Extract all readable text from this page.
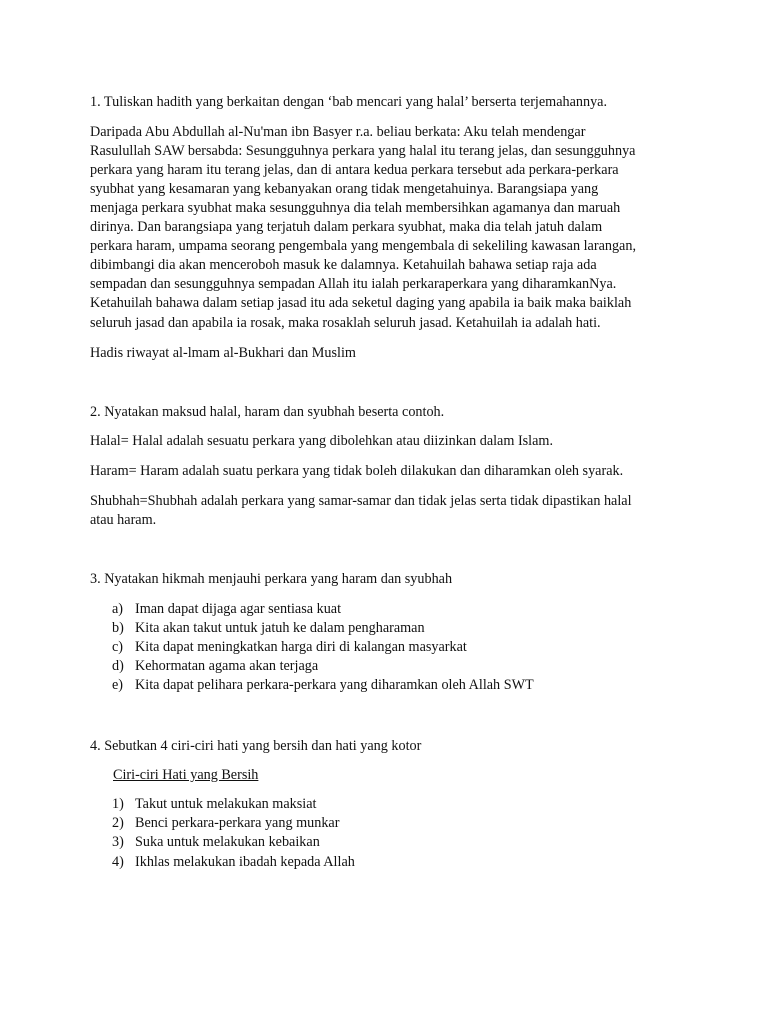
1. Tuliskan hadith yang berkaitan dengan ‘bab mencari yang halal’ berserta terjemahannya.
Daripada Abu Abdullah al-Nu'man ibn Basyer r.a. beliau berkata: Aku telah mendengar
Rasulullah SAW bersabda: Sesungguhnya perkara yang halal itu terang jelas, dan sesungguhnya
perkara yang haram itu terang jelas, dan di antara kedua perkara tersebut ada perkara-perkara
syubhat yang kesamaran yang kebanyakan orang tidak mengetahuinya. Barangsiapa yang
menjaga perkara syubhat maka sesungguhnya dia telah membersihkan agamanya dan maruah
dirinya. Dan barangsiapa yang terjatuh dalam perkara syubhat, maka dia telah jatuh dalam
perkara haram, umpama seorang pengembala yang mengembala di sekeliling kawasan larangan,
dibimbangi dia akan menceroboh masuk ke dalamnya. Ketahuilah bahawa setiap raja ada
sempadan dan sesungguhnya sempadan Allah itu ialah perkaraperkara yang diharamkanNya.
Ketahuilah bahawa dalam setiap jasad itu ada seketul daging yang apabila ia baik maka baiklah
seluruh jasad dan apabila ia rosak, maka rosaklah seluruh jasad. Ketahuilah ia adalah hati.
Hadis riwayat al-lmam al-Bukhari dan Muslim
2. Nyatakan maksud halal, haram dan syubhah beserta contoh.
Halal= Halal adalah sesuatu perkara yang dibolehkan atau diizinkan dalam Islam.
Haram= Haram adalah suatu perkara yang tidak boleh dilakukan dan diharamkan oleh syarak.
Shubhah=Shubhah adalah perkara yang samar-samar dan tidak jelas serta tidak dipastikan halal
atau haram.
3. Nyatakan hikmah menjauhi perkara yang haram dan syubhah
a) Iman dapat dijaga agar sentiasa kuat
b) Kita akan takut untuk jatuh ke dalam pengharaman
c) Kita dapat meningkatkan harga diri di kalangan masyarkat
d) Kehormatan agama akan terjaga
e) Kita dapat pelihara perkara-perkara yang diharamkan oleh Allah SWT
4. Sebutkan 4 ciri-ciri hati yang bersih dan hati yang kotor
Ciri-ciri Hati yang Bersih
1) Takut untuk melakukan maksiat
2) Benci perkara-perkara yang munkar
3) Suka untuk melakukan kebaikan
4) Ikhlas melakukan ibadah kepada Allah
